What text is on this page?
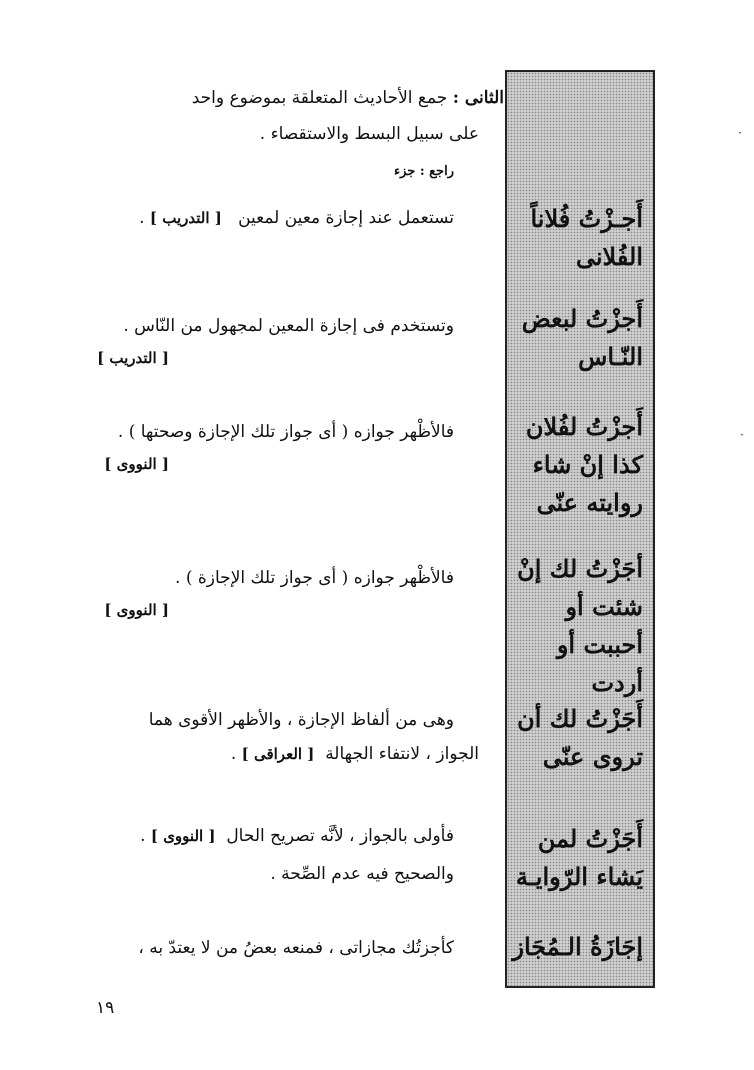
الثانى : جمع الأحاديث المتعلقة بموضوع واحد
على سبيل البسط والاستقصاء .
راجع : جزء
أَجـزْتُ فُلاناً الفُلانى
أَجزْتُ لبعض النّـاس
أَجزْتُ لفُلان كذا إنْ شاء روايته عنّى
أجَزْتُ لك إنْ شئت أو أحببت أو أردت
أَجَزْتُ لك أن تروى عنّى
أَجَزْتُ لمن يَشاء الرّوايـة
إجَازَةُ الـمُجَاز
تستعمل عند إجازة معين لمعين   [ التدريب ] .
وتستخدم فى إجازة المعين لمجهول من النّاس .
[ التدريب ]
فالأظْهر جوازه ( أى جواز تلك الإجازة وصحتها ) .
[ النووى ]
فالأظْهر جوازه ( أى جواز تلك الإجازة ) .
[ النووى ]
وهى من ألفاظ الإجازة ، والأظهر الأقوى هما
الجواز ، لانتفاء الجهالة  [ العراقى ] .
فأولى بالجواز ، لأنَّه تصريح الحال  [ النووى ] .
والصحيح فيه عدم الصِّحة .
كأجزتُك مجازاتى ، فمنعه بعضُ من لا يعتدّ به ،
١٩
·
·
